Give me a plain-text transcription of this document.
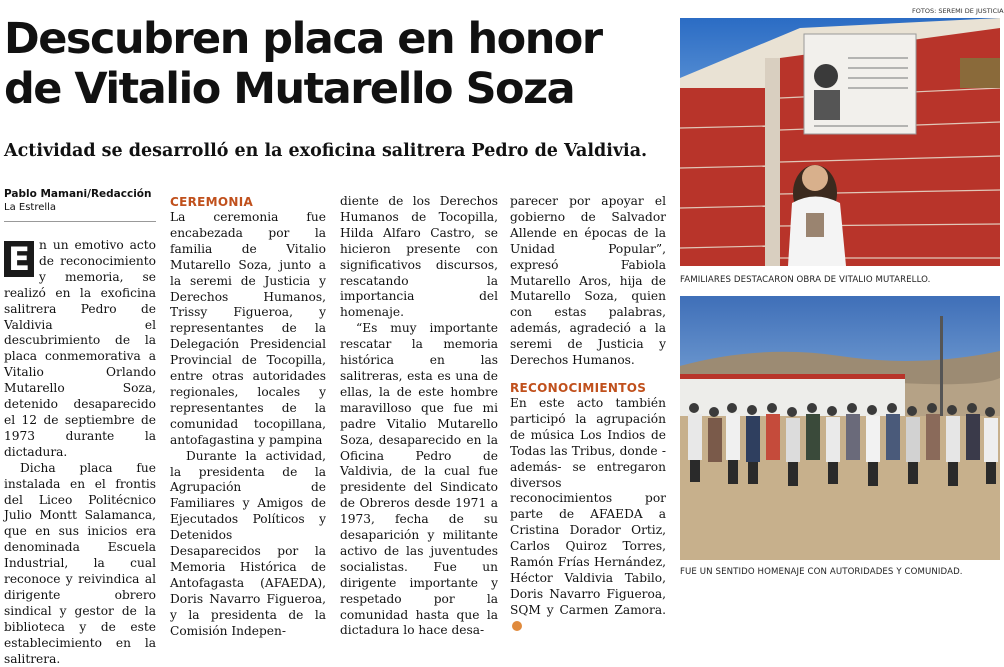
Descubren placa en honor
de Vitalio Mutarello Soza
Actividad se desarrolló en la exoficina salitrera Pedro de Valdivia.
Pablo Mamani/Redacción
La Estrella

E n un emotivo acto de reconocimiento y memoria, se realizó en la exoficina salitrera Pedro de Valdivia el descubrimiento de la placa conmemorativa a Vitalio Orlando Mutarello Soza, detenido desaparecido el 12 de septiembre de 1973 durante la dictadura.

Dicha placa fue instalada en el frontis del Liceo Politécnico Julio Montt Salamanca, que en sus inicios era denominada Escuela Industrial, la cual reconoce y reivindica al dirigente obrero sindical y gestor de la biblioteca y de este establecimiento en la salitrera.

CEREMONIA

La ceremonia fue encabezada por la familia de Vitalio Mutarello Soza, junto a la seremi de Justicia y Derechos Humanos, Trissy Figueroa, y representantes de la Delegación Presidencial Provincial de Tocopilla, entre otras autoridades regionales, locales y representantes de la comunidad tocopillana, antofagastina y pampina

Durante la actividad, la presidenta de la Agrupación de Familiares y Amigos de Ejecutados Políticos y Detenidos Desaparecidos por la Memoria Histórica de Antofagasta (AFAEDA), Doris Navarro Figueroa, y la presidenta de la Comisión Indepen-

diente de los Derechos Humanos de Tocopilla, Hilda Alfaro Castro, se hicieron presente con significativos discursos, rescatando la importancia del homenaje.

“Es muy importante rescatar la memoria histórica en las salitreras, esta es una de ellas, la de este hombre maravilloso que fue mi padre Vitalio Mutarello Soza, desaparecido en la Oficina Pedro de Valdivia, de la cual fue presidente del Sindicato de Obreros desde 1971 a 1973, fecha de su desaparición y militante activo de las juventudes socialistas. Fue un dirigente importante y respetado por la comunidad hasta que la dictadura lo hace desa-

parecer por apoyar el gobierno de Salvador Allende en épocas de la Unidad Popular”, expresó Fabiola Mutarello Aros, hija de Mutarello Soza, quien con estas palabras, además, agradeció a la seremi de Justicia y Derechos Humanos.

RECONOCIMIENTOS

En este acto también participó la agrupación de música Los Indios de Todas las Tribus, donde -además- se entregaron diversos reconocimientos por parte de AFAEDA a Cristina Dorador Ortiz, Carlos Quiroz Torres, Ramón Frías Hernández, Héctor Valdivia Tabilo, Doris Navarro Figueroa, SQM y Carmen Zamora.

FOTOS: SEREMI DE JUSTICIA
FAMILIARES DESTACARON OBRA DE VITALIO MUTARELLO.
FUE UN SENTIDO HOMENAJE CON AUTORIDADES Y COMUNIDAD.
